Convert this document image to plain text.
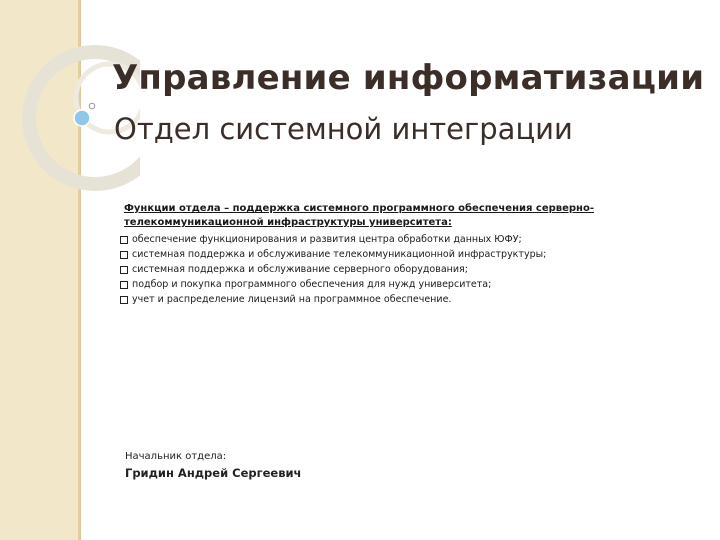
Управление информатизации
Отдел системной интеграции
Функции отдела – поддержка системного программного обеспечения серверно-телекоммуникационной инфраструктуры университета:
обеспечение функционирования и развития центра обработки данных ЮФУ;
системная поддержка и обслуживание телекоммуникационной инфраструктуры;
системная поддержка и обслуживание серверного оборудования;
подбор и покупка программного обеспечения для нужд университета;
учет и распределение лицензий на программное обеспечение.
Начальник отдела:
Гридин Андрей Сергеевич
